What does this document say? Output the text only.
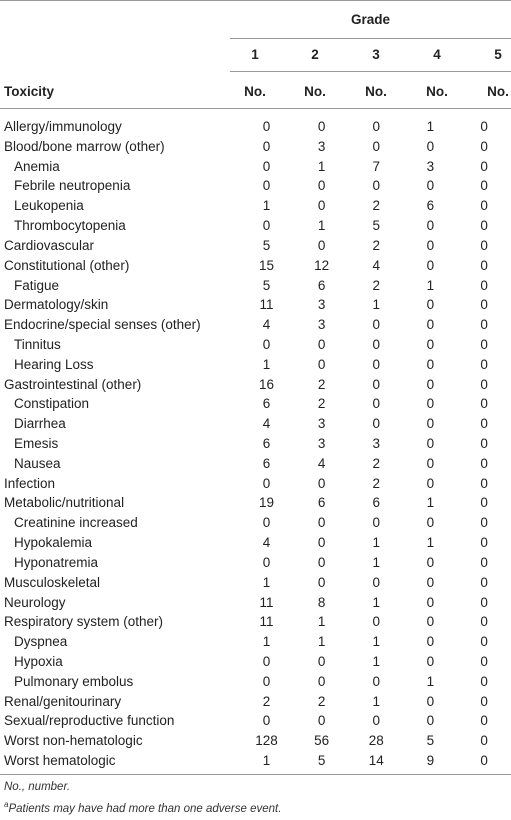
Grade
1	2	3	4	5
Toxicity	No.	No.	No.	No.	No.
Allergy/immunology	0	0	0	1	0
Blood/bone marrow (other)	0	3	0	0	0
Anemia	0	1	7	3	0
Febrile neutropenia	0	0	0	0	0
Leukopenia	1	0	2	6	0
Thrombocytopenia	0	1	5	0	0
Cardiovascular	5	0	2	0	0
Constitutional (other)	15	12	4	0	0
Fatigue	5	6	2	1	0
Dermatology/skin	11	3	1	0	0
Endocrine/special senses (other)	4	3	0	0	0
Tinnitus	0	0	0	0	0
Hearing Loss	1	0	0	0	0
Gastrointestinal (other)	16	2	0	0	0
Constipation	6	2	0	0	0
Diarrhea	4	3	0	0	0
Emesis	6	3	3	0	0
Nausea	6	4	2	0	0
Infection	0	0	2	0	0
Metabolic/nutritional	19	6	6	1	0
Creatinine increased	0	0	0	0	0
Hypokalemia	4	0	1	1	0
Hyponatremia	0	0	1	0	0
Musculoskeletal	1	0	0	0	0
Neurology	11	8	1	0	0
Respiratory system (other)	11	1	0	0	0
Dyspnea	1	1	1	0	0
Hypoxia	0	0	1	0	0
Pulmonary embolus	0	0	0	1	0
Renal/genitourinary	2	2	1	0	0
Sexual/reproductive function	0	0	0	0	0
Worst non-hematologic	128	56	28	5	0
Worst hematologic	1	5	14	9	0
No., number.
$^a$Patients may have had more than one adverse event.
